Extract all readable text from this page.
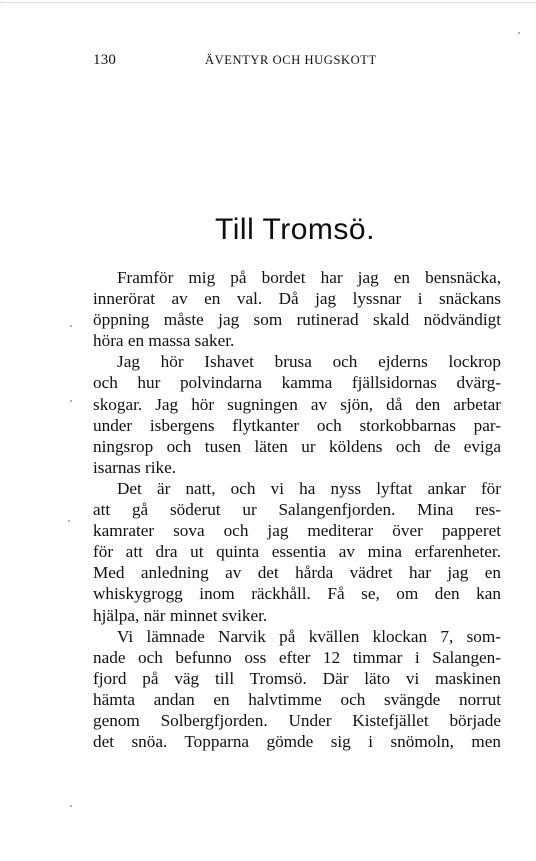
130	ÄVENTYR OCH HUGSKOTT
Till Tromsö.
Framför mig på bordet har jag en bensnäcka,
innerörat av en val. Då jag lyssnar i snäckans
öppning måste jag som rutinerad skald nödvändigt
höra en massa saker.
Jag hör Ishavet brusa och ejderns lockrop
och hur polvindarna kamma fjällsidornas dvärg-
skogar. Jag hör sugningen av sjön, då den arbetar
under isbergens flytkanter och storkobbarnas par-
ningsrop och tusen läten ur köldens och de eviga
isarnas rike.
Det är natt, och vi ha nyss lyftat ankar för
att gå söderut ur Salangenfjorden. Mina res-
kamrater sova och jag mediterar över papperet
för att dra ut quinta essentia av mina erfarenheter.
Med anledning av det hårda vädret har jag en
whiskygrogg inom räckhåll. Få se, om den kan
hjälpa, när minnet sviker.
Vi lämnade Narvik på kvällen klockan 7, som-
nade och befunno oss efter 12 timmar i Salangen-
fjord på väg till Tromsö. Där läto vi maskinen
hämta andan en halvtimme och svängde norrut
genom Solbergfjorden. Under Kistefjället började
det snöa. Topparna gömde sig i snömoln, men
